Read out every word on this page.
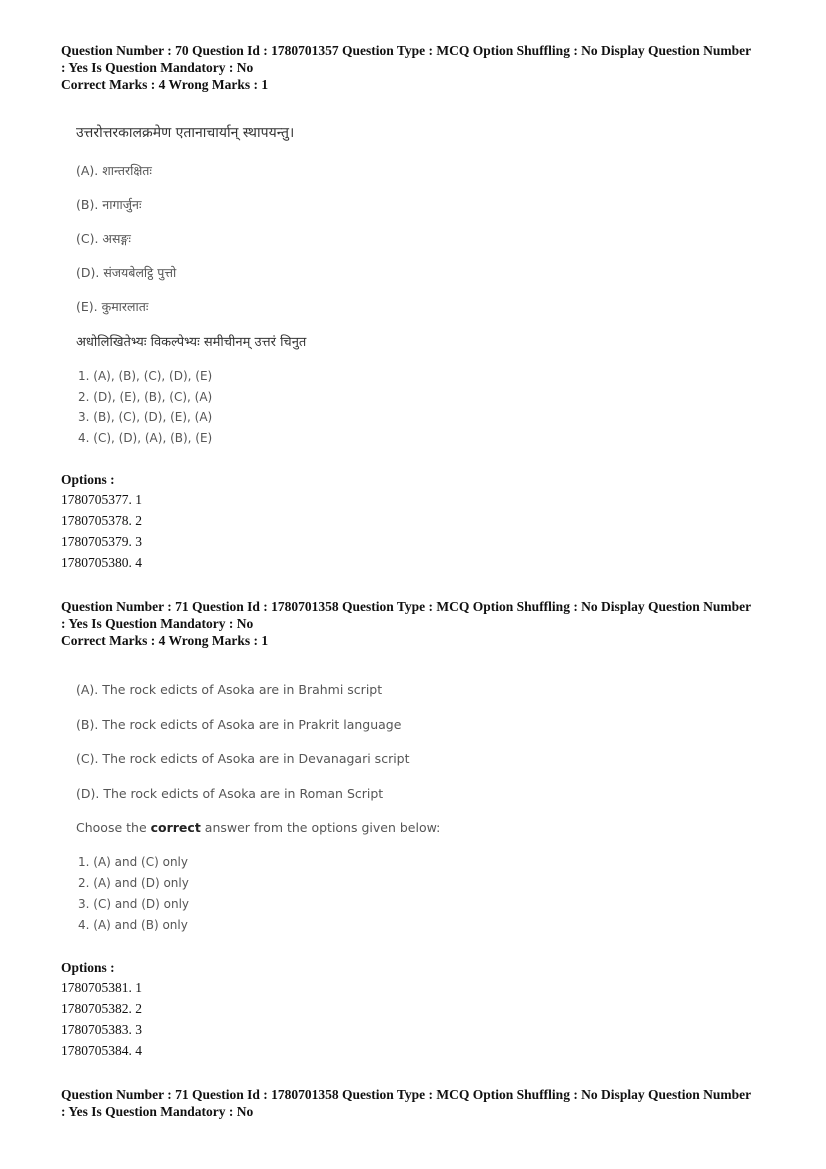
Question Number : 70 Question Id : 1780701357 Question Type : MCQ Option Shuffling : No Display Question Number
: Yes Is Question Mandatory : No
Correct Marks : 4 Wrong Marks : 1
उत्तरोत्तरकालक्रमेण एतानाचार्यान् स्थापयन्तु।
(A). शान्तरक्षितः
(B). नागार्जुनः
(C). असङ्गः
(D). संजयबेलट्ठि पुत्तो
(E). कुमारलातः
अधोलिखितेभ्यः विकल्पेभ्यः समीचीनम् उत्तरं चिनुत
1. (A), (B), (C), (D), (E)
2. (D), (E), (B), (C), (A)
3. (B), (C), (D), (E), (A)
4. (C), (D), (A), (B), (E)
Options :
1780705377. 1
1780705378. 2
1780705379. 3
1780705380. 4
Question Number : 71 Question Id : 1780701358 Question Type : MCQ Option Shuffling : No Display Question Number
: Yes Is Question Mandatory : No
Correct Marks : 4 Wrong Marks : 1
(A). The rock edicts of Asoka are in Brahmi script
(B). The rock edicts of Asoka are in Prakrit language
(C). The rock edicts of Asoka are in Devanagari script
(D). The rock edicts of Asoka are in Roman Script
Choose the correct answer from the options given below:
1. (A) and (C) only
2. (A) and (D) only
3. (C) and (D) only
4. (A) and (B) only
Options :
1780705381. 1
1780705382. 2
1780705383. 3
1780705384. 4
Question Number : 71 Question Id : 1780701358 Question Type : MCQ Option Shuffling : No Display Question Number
: Yes Is Question Mandatory : No
